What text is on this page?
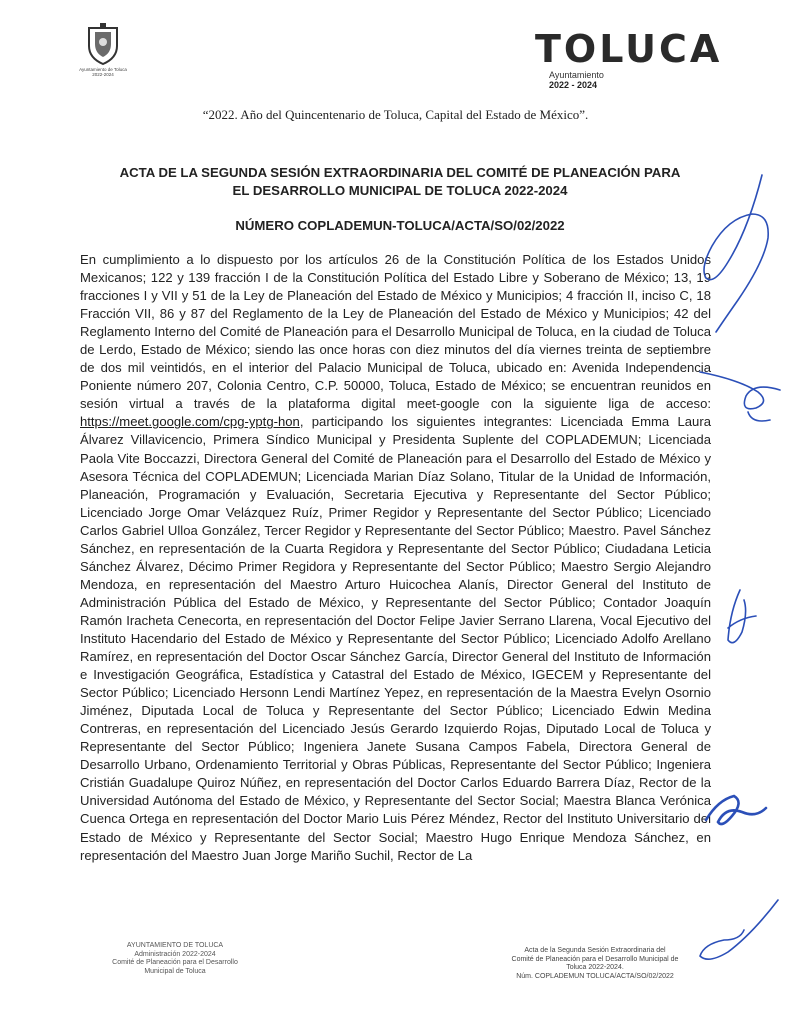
Ayuntamiento de Toluca
2022-2024
TOLUCA
Ayuntamiento
2022 - 2024
“2022. Año del Quincentenario de Toluca, Capital del Estado de México”.
ACTA DE LA SEGUNDA SESIÓN EXTRAORDINARIA DEL COMITÉ DE PLANEACIÓN PARA
EL DESARROLLO MUNICIPAL DE TOLUCA 2022-2024
NÚMERO COPLADEMUN-TOLUCA/ACTA/SO/02/2022

En cumplimiento a lo dispuesto por los artículos 26 de la Constitución Política de los Estados Unidos Mexicanos; 122 y 139 fracción I de la Constitución Política del Estado Libre y Soberano de México; 13, 19 fracciones I y VII y 51 de la Ley de Planeación del Estado de México y Municipios; 4 fracción II, inciso C, 18 Fracción VII, 86 y 87 del Reglamento de la Ley de Planeación del Estado de México y Municipios; 42 del Reglamento Interno del Comité de Planeación para el Desarrollo Municipal de Toluca, en la ciudad de Toluca de Lerdo, Estado de México; siendo las once horas con diez minutos del día viernes treinta de septiembre de dos mil veintidós, en el interior del Palacio Municipal de Toluca, ubicado en: Avenida Independencia Poniente número 207, Colonia Centro, C.P. 50000, Toluca, Estado de México; se encuentran reunidos en sesión virtual a través de la plataforma digital meet-google con la siguiente liga de acceso: https://meet.google.com/cpg-yptg-hon, participando los siguientes integrantes: Licenciada Emma Laura Álvarez Villavicencio, Primera Síndico Municipal y Presidenta Suplente del COPLADEMUN; Licenciada Paola Vite Boccazzi, Directora General del Comité de Planeación para el Desarrollo del Estado de México y Asesora Técnica del COPLADEMUN; Licenciada Marian Díaz Solano, Titular de la Unidad de Información, Planeación, Programación y Evaluación, Secretaria Ejecutiva y Representante del Sector Público; Licenciado Jorge Omar Velázquez Ruíz, Primer Regidor y Representante del Sector Público; Licenciado Carlos Gabriel Ulloa González, Tercer Regidor y Representante del Sector Público; Maestro. Pavel Sánchez Sánchez, en representación de la Cuarta Regidora y Representante del Sector Público; Ciudadana Leticia Sánchez Álvarez, Décimo Primer Regidora y Representante del Sector Público; Maestro Sergio Alejandro Mendoza, en representación del Maestro Arturo Huicochea Alanís, Director General del Instituto de Administración Pública del Estado de México, y Representante del Sector Público; Contador Joaquín Ramón Iracheta Cenecorta, en representación del Doctor Felipe Javier Serrano Llarena, Vocal Ejecutivo del Instituto Hacendario del Estado de México y Representante del Sector Público; Licenciado Adolfo Arellano Ramírez, en representación del Doctor Oscar Sánchez García, Director General del Instituto de Información e Investigación Geográfica, Estadística y Catastral del Estado de México, IGECEM y Representante del Sector Público; Licenciado Hersonn Lendi Martínez Yepez, en representación de la Maestra Evelyn Osornio Jiménez, Diputada Local de Toluca y Representante del Sector Público; Licenciado Edwin Medina Contreras, en representación del Licenciado Jesús Gerardo Izquierdo Rojas, Diputado Local de Toluca y Representante del Sector Público; Ingeniera Janete Susana Campos Fabela, Directora General de Desarrollo Urbano, Ordenamiento Territorial y Obras Públicas, Representante del Sector Público; Ingeniera Cristián Guadalupe Quiroz Núñez, en representación del Doctor Carlos Eduardo Barrera Díaz, Rector de la Universidad Autónoma del Estado de México, y Representante del Sector Social; Maestra Blanca Verónica Cuenca Ortega en representación del Doctor Mario Luis Pérez Méndez, Rector del Instituto Universitario del Estado de México y Representante del Sector Social; Maestro Hugo Enrique Mendoza Sánchez, en representación del Maestro Juan Jorge Mariño Suchil, Rector de La

AYUNTAMIENTO DE TOLUCA
Administración 2022-2024
Comité de Planeación para el Desarrollo
Municipal de Toluca
Acta de la Segunda Sesión Extraordinaria del
Comité de Planeación para el Desarrollo Municipal de
Toluca 2022-2024.
Núm. COPLADEMUN TOLUCA/ACTA/SO/02/2022
